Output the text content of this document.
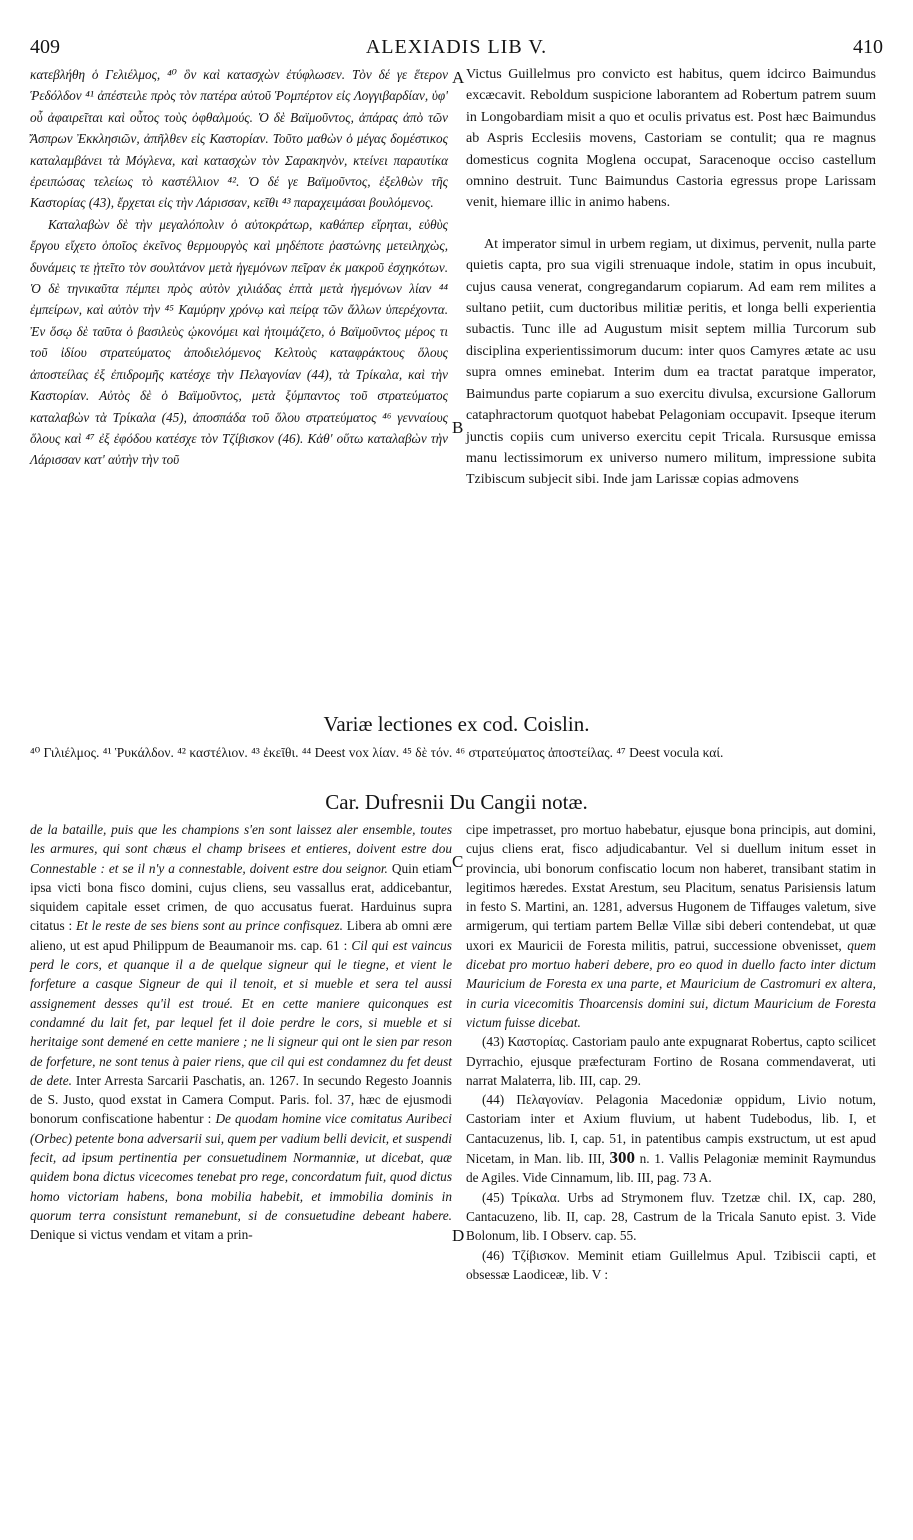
409	ALEXIADIS LIB V.	410
A
B
C
D

κατεβλήθη ὁ Γελιέλμος, ⁴⁰ ὃν καὶ κατασχὼν ἐτύφλωσεν. Τὸν δέ γε ἕτερον Ῥεδόλδον ⁴¹ ἀπέστειλε πρὸς τὸν πατέρα αὐτοῦ Ῥομπέρτον εἰς Λογγιβαρδίαν, ὑφ' οὗ ἀφαιρεῖται καὶ οὗτος τοὺς ὀφθαλμούς. Ὁ δὲ Βαϊμοῦντος, ἀπάρας ἀπὸ τῶν Ἄσπρων Ἐκκλησιῶν, ἀπῆλθεν εἰς Καστορίαν. Τοῦτο μαθὼν ὁ μέγας δομέστικος καταλαμβάνει τὰ Μόγλενα, καὶ κατασχὼν τὸν Σαρακηνὸν, κτείνει παραυτίκα ἐρειπώσας τελείως τὸ καστέλλιον ⁴². Ὁ δέ γε Βαϊμοῦντος, ἐξελθὼν τῆς Καστορίας (43), ἔρχεται εἰς τὴν Λάρισσαν, κεῖθι ⁴³ παραχειμάσαι βουλόμενος.

Καταλαβὼν δὲ τὴν μεγαλόπολιν ὁ αὐτοκράτωρ, καθάπερ εἴρηται, εὐθὺς ἔργου εἴχετο ὁποῖος ἐκεῖνος θερμουργὸς καὶ μηδέποτε ῥαστώνης μετειληχὼς, δυνάμεις τε ᾐτεῖτο τὸν σουλτάνον μετὰ ἡγεμόνων πεῖραν ἐκ μακροῦ ἐσχηκότων. Ὁ δὲ τηνικαῦτα πέμπει πρὸς αὐτὸν χιλιάδας ἑπτὰ μετὰ ἡγεμόνων λίαν ⁴⁴ ἐμπείρων, καὶ αὐτὸν τὴν ⁴⁵ Καμύρην χρόνῳ καὶ πείρᾳ τῶν ἄλλων ὑπερέχοντα. Ἐν ὅσῳ δὲ ταῦτα ὁ βασιλεὺς ᾠκονόμει καὶ ἡτοιμάζετο, ὁ Βαϊμοῦντος μέρος τι τοῦ ἰδίου στρατεύματος ἀποδιελόμενος Κελτοὺς καταφράκτους ὅλους ἀποστείλας ἐξ ἐπιδρομῆς κατέσχε τὴν Πελαγονίαν (44), τὰ Τρίκαλα, καὶ τὴν Καστορίαν. Αὐτὸς δὲ ὁ Βαϊμοῦντος, μετὰ ξύμπαντος τοῦ στρατεύματος καταλαβὼν τὰ Τρίκαλα (45), ἀποσπάδα τοῦ ὅλου στρατεύματος ⁴⁶ γενναίους ὅλους καὶ ⁴⁷ ἐξ ἐφόδου κατέσχε τὸν Τζίβισκον (46). Κἀθ' οὕτω καταλαβὼν τὴν Λάρισσαν κατ' αὐτὴν τὴν τοῦ

Victus Guillelmus pro convicto est habitus, quem idcirco Baimundus excæcavit. Reboldum suspicione laborantem ad Robertum patrem suum in Longobardiam misit a quo et oculis privatus est. Post hæc Baimundus ab Aspris Ecclesiis movens, Castoriam se contulit; qua re magnus domesticus cognita Moglena occupat, Saracenoque occiso castellum omnino destruit. Tunc Baimundus Castoria egressus prope Larissam venit, hiemare illic in animo habens.

At imperator simul in urbem regiam, ut diximus, pervenit, nulla parte quietis capta, pro sua vigili strenuaque indole, statim in opus incubuit, cujus causa venerat, congregandarum copiarum. Ad eam rem milites a sultano petiit, cum ductoribus militiæ peritis, et longa belli experientia subactis. Tunc ille ad Augustum misit septem millia Turcorum sub disciplina experientissimorum ducum: inter quos Camyres ætate ac usu supra omnes eminebat. Interim dum ea tractat paratque imperator, Baimundus parte copiarum a suo exercitu divulsa, excursione Gallorum cataphractorum quotquot habebat Pelagoniam occupavit. Ipseque iterum junctis copiis cum universo exercitu cepit Tricala. Rursusque emissa manu lectissimorum ex universo numero militum, impressione subita Tzibiscum subjecit sibi. Inde jam Larissæ copias admovens

Variæ lectiones ex cod. Coislin.
⁴⁰ Γιλιέλμος. ⁴¹ Ῥυκάλδον. ⁴² καστέλιον. ⁴³ ἐκεῖθι. ⁴⁴ Deest vox λίαν. ⁴⁵ δὲ τόν. ⁴⁶ στρατεύματος ἀποστείλας. ⁴⁷ Deest vocula καί.
Car. Dufresnii Du Cangii notæ.

de la bataille, puis que les champions s'en sont laissez aler ensemble, toutes les armures, qui sont chæus el champ brisees et entieres, doivent estre dou Connestable : et se il n'y a connestable, doivent estre dou seignor. Quin etiam ipsa victi bona fisco domini, cujus cliens, seu vassallus erat, addicebantur, siquidem capitale esset crimen, de quo accusatus fuerat. Harduinus supra citatus : Et le reste de ses biens sont au prince confisquez. Libera ab omni ære alieno, ut est apud Philippum de Beaumanoir ms. cap. 61 : Cil qui est vaincus perd le cors, et quanque il a de quelque signeur qui le tiegne, et vient le forfeture a casque Signeur de qui il tenoit, et si mueble et sera tel aussi assignement desses qu'il est troué. Et en cette maniere quiconques est condamné du lait fet, par lequel fet il doie perdre le cors, si mueble et si heritaige sont demené en cette maniere ; ne li signeur qui ont le sien par reson de forfeture, ne sont tenus à paier riens, que cil qui est condamnez du fet deust de dete. Inter Arresta Sarcarii Paschatis, an. 1267. In secundo Regesto Joannis de S. Justo, quod exstat in Camera Comput. Paris. fol. 37, hæc de ejusmodi bonorum confiscatione habentur : De quodam homine vice comitatus Auribeci (Orbec) petente bona adversarii sui, quem per vadium belli devicit, et suspendi fecit, ad ipsum pertinentia per consuetudinem Normanniæ, ut dicebat, quæ quidem bona dictus vicecomes tenebat pro rege, concordatum fuit, quod dictus homo victoriam habens, bona mobilia habebit, et immobilia dominis in quorum terra consistunt remanebunt, si de consuetudine debeant habere. Denique si victus vendam et vitam a prin-

cipe impetrasset, pro mortuo habebatur, ejusque bona principis, aut domini, cujus cliens erat, fisco adjudicabantur. Vel si duellum initum esset in provincia, ubi bonorum confiscatio locum non haberet, transibant statim in legitimos hæredes. Exstat Arestum, seu Placitum, senatus Parisiensis latum in festo S. Martini, an. 1281, adversus Hugonem de Tiffauges valetum, sive armigerum, qui tertiam partem Bellæ Villæ sibi deberi contendebat, ut quæ uxori ex Mauricii de Foresta militis, patrui, successione obvenisset, quem dicebat pro mortuo haberi debere, pro eo quod in duello facto inter dictum Mauricium de Foresta ex una parte, et Mauricium de Castromuri ex altera, in curia vicecomitis Thoarcensis domini sui, dictum Mauricium de Foresta victum fuisse dicebat.

(43) Καστορίας. Castoriam paulo ante expugnarat Robertus, capto scilicet Dyrrachio, ejusque præfecturam Fortino de Rosana commendaverat, uti narrat Malaterra, lib. III, cap. 29.

(44) Πελαγονίαν. Pelagonia Macedoniæ oppidum, Livio notum, Castoriam inter et Axium fluvium, ut habent Tudebodus, lib. I, et Cantacuzenus, lib. I, cap. 51, in patentibus campis exstructum, ut est apud Nicetam, in Man. lib. III, 300 n. 1. Vallis Pelagoniæ meminit Raymundus de Agiles. Vide Cinnamum, lib. III, pag. 73 A.

(45) Τρίκαλα. Urbs ad Strymonem fluv. Tzetzæ chil. IX, cap. 280, Cantacuzeno, lib. II, cap. 28, Castrum de la Tricala Sanuto epist. 3. Vide Bolonum, lib. I Observ. cap. 55.

(46) Τζίβισκον. Meminit etiam Guillelmus Apul. Tzibiscii capti, et obsessæ Laodiceæ, lib. V :
